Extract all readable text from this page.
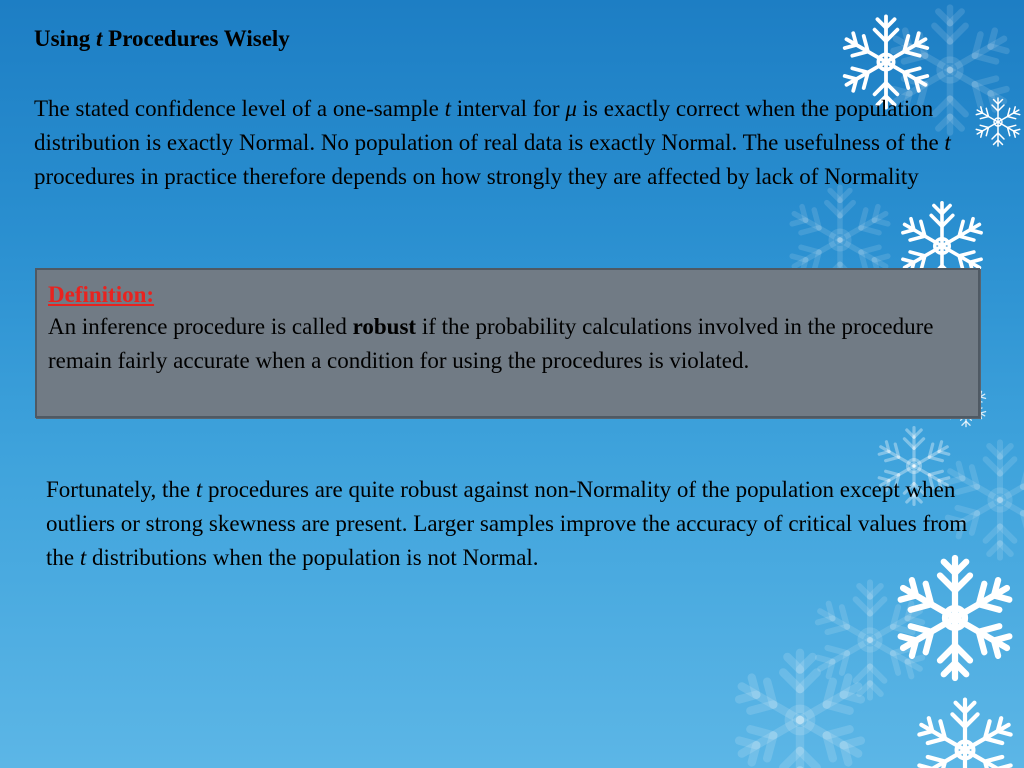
Using t Procedures Wisely

The stated confidence level of a one-sample t interval for μ is exactly correct when the population distribution is exactly Normal. No population of real data is exactly Normal. The usefulness of the t procedures in practice therefore depends on how strongly they are affected by lack of Normality

Definition:

An inference procedure is called robust if the probability calculations involved in the procedure remain fairly accurate when a condition for using the procedures is violated.

Fortunately, the t procedures are quite robust against non-Normality of the population except when outliers or strong skewness are present. Larger samples improve the accuracy of critical values from the t distributions when the population is not Normal.
